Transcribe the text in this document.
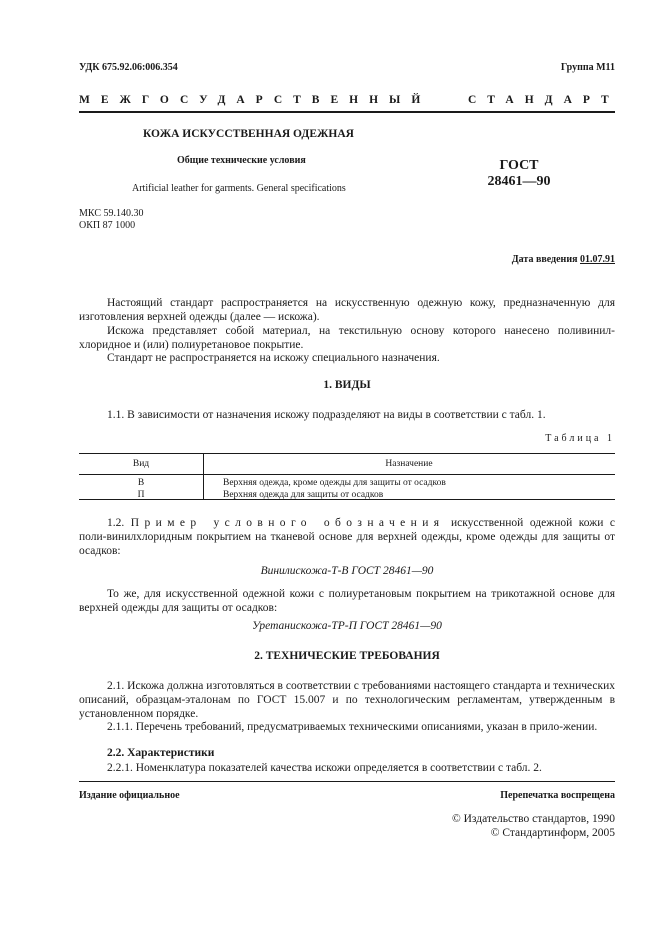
УДК 675.92.06:006.354	Группа М11
МЕЖГОСУДАРСТВЕННЫЙ	СТАНДАРТ
КОЖА ИСКУССТВЕННАЯ ОДЕЖНАЯ
Общие технические условия
Artificial leather for garments. General specifications
ГОСТ
28461—90
МКС 59.140.30
ОКП 87 1000
Дата введения 01.07.91
Настоящий стандарт распространяется на искусственную одежную кожу, предназначенную для изготовления верхней одежды (далее — искожа).
Искожа представляет собой материал, на текстильную основу которого нанесено поливинил-хлоридное и (или) полиуретановое покрытие.
Стандарт не распространяется на искожу специального назначения.
1. ВИДЫ
1.1. В зависимости от назначения искожу подразделяют на виды в соответствии с табл. 1.
Таблица 1
Вид	Назначение
В	Верхняя одежда, кроме одежды для защиты от осадков
П	Верхняя одежда для защиты от осадков
1.2. Пример условного обозначения искусственной одежной кожи с поли-винилхлоридным покрытием на тканевой основе для верхней одежды, кроме одежды для защиты от осадков:
Винилискожа-Т-В ГОСТ 28461—90
То же, для искусственной одежной кожи с полиуретановым покрытием на трикотажной основе для верхней одежды для защиты от осадков:
Уретанискожа-ТР-П ГОСТ 28461—90
2. ТЕХНИЧЕСКИЕ ТРЕБОВАНИЯ
2.1. Искожа должна изготовляться в соответствии с требованиями настоящего стандарта и технических описаний, образцам-эталонам по ГОСТ 15.007 и по технологическим регламентам, утвержденным в установленном порядке.
2.1.1. Перечень требований, предусматриваемых техническими описаниями, указан в прило-жении.
2.2. Характеристики
2.2.1. Номенклатура показателей качества искожи определяется в соответствии с табл. 2.
Издание официальное	Перепечатка воспрещена
© Издательство стандартов, 1990
© Стандартинформ, 2005
